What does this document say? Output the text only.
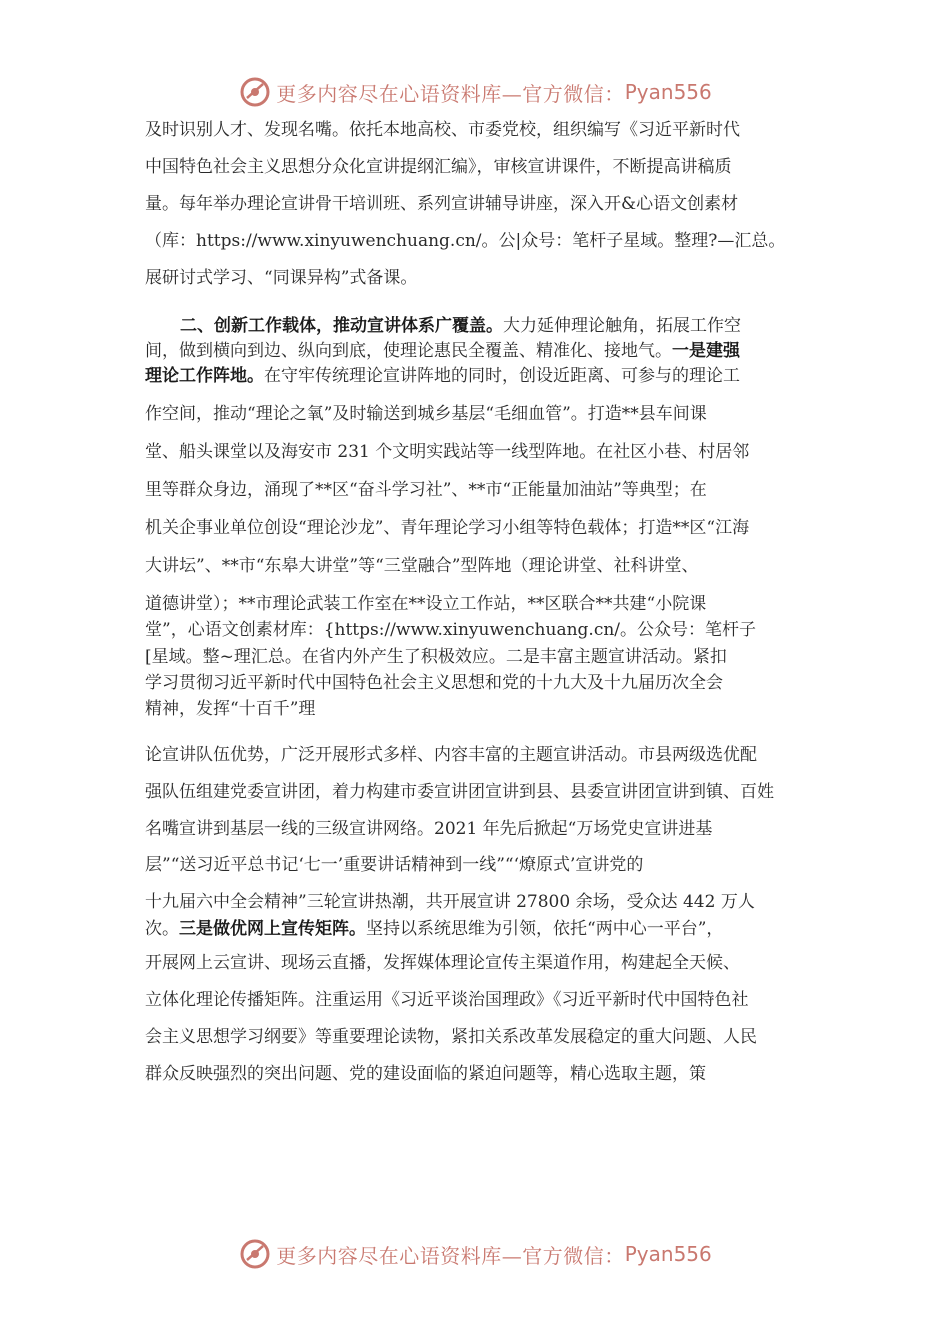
更多内容尽在心语资料库—官方微信： Pyan556
及时识别人才、发现名嘴。依托本地高校、市委党校，组织编写《习近平新时代
中国特色社会主义思想分众化宣讲提纲汇编》，审核宣讲课件，不断提高讲稿质
量。每年举办理论宣讲骨干培训班、系列宣讲辅导讲座，深入开&心语文创素材
（库：https://www.xinyuwenchuang.cn/。公|众号：笔杆子星域。整理?—汇总。
展研讨式学习、“同课异构”式备课。
二、创新工作载体，推动宣讲体系广覆盖。大力延伸理论触角，拓展工作空
间，做到横向到边、纵向到底，使理论惠民全覆盖、精准化、接地气。一是建强
理论工作阵地。在守牢传统理论宣讲阵地的同时，创设近距离、可参与的理论工
作空间，推动“理论之氧”及时输送到城乡基层“毛细血管”。打造**县车间课
堂、船头课堂以及海安市 231 个文明实践站等一线型阵地。在社区小巷、村居邻
里等群众身边，涌现了**区“奋斗学习社”、**市“正能量加油站”等典型；在
机关企事业单位创设“理论沙龙”、青年理论学习小组等特色载体；打造**区“江海
大讲坛”、**市“东皋大讲堂”等“三堂融合”型阵地（理论讲堂、社科讲堂、
道德讲堂）；**市理论武装工作室在**设立工作站，**区联合**共建“小院课
堂”，心语文创素材库：{https://www.xinyuwenchuang.cn/。公众号：笔杆子
[星域。整~理汇总。在省内外产生了积极效应。二是丰富主题宣讲活动。紧扣
学习贯彻习近平新时代中国特色社会主义思想和党的十九大及十九届历次全会
精神，发挥“十百千”理
论宣讲队伍优势，广泛开展形式多样、内容丰富的主题宣讲活动。市县两级选优配
强队伍组建党委宣讲团，着力构建市委宣讲团宣讲到县、县委宣讲团宣讲到镇、百姓
名嘴宣讲到基层一线的三级宣讲网络。2021 年先后掀起“万场党史宣讲进基
层”“送习近平总书记‘七一’重要讲话精神到一线”“‘燎原式’宣讲党的
十九届六中全会精神”三轮宣讲热潮，共开展宣讲 27800 余场，受众达 442 万人
次。三是做优网上宣传矩阵。坚持以系统思维为引领，依托“两中心一平台”，
开展网上云宣讲、现场云直播，发挥媒体理论宣传主渠道作用，构建起全天候、
立体化理论传播矩阵。注重运用《习近平谈治国理政》《习近平新时代中国特色社
会主义思想学习纲要》等重要理论读物，紧扣关系改革发展稳定的重大问题、人民
群众反映强烈的突出问题、党的建设面临的紧迫问题等，精心选取主题，策
更多内容尽在心语资料库—官方微信： Pyan556
